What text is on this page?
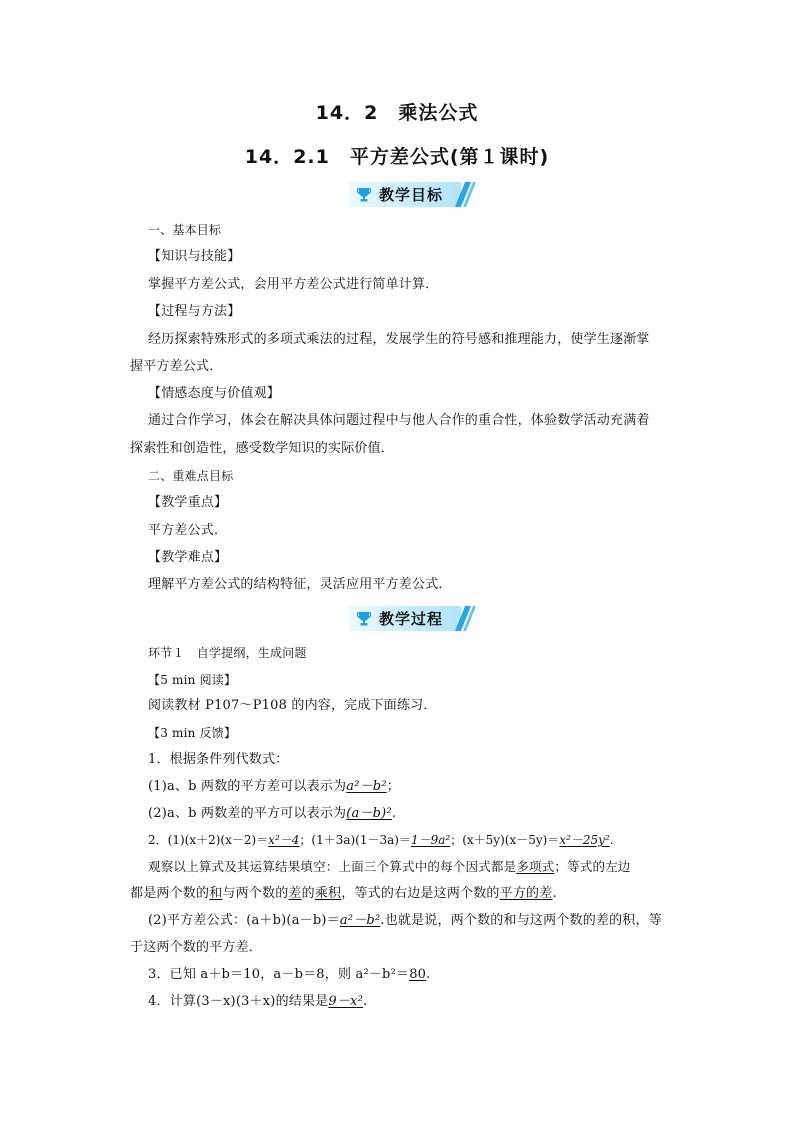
14．2　乘法公式
14．2.1　平方差公式(第１课时)
教学目标
一、基本目标
【知识与技能】
掌握平方差公式，会用平方差公式进行简单计算．
【过程与方法】
经历探索特殊形式的多项式乘法的过程，发展学生的符号感和推理能力，使学生逐渐掌
握平方差公式．
【情感态度与价值观】
通过合作学习，体会在解决具体问题过程中与他人合作的重合性，体验数学活动充满着
探索性和创造性，感受数学知识的实际价值．
二、重难点目标
【教学重点】
平方差公式．
【教学难点】
理解平方差公式的结构特征，灵活应用平方差公式．
教学过程
环节１　自学提纲，生成问题
【5 min 阅读】
阅读教材 P107～P108 的内容，完成下面练习．
【3 min 反馈】
1．根据条件列代数式：
(1)a、b 两数的平方差可以表示为a²－b²；
(2)a、b 两数差的平方可以表示为(a－b)².
2．(1)(x＋2)(x－2)＝x²－4；(1＋3a)(1－3a)＝1－9a²；(x＋5y)(x－5y)＝x²－25y².
观察以上算式及其运算结果填空：上面三个算式中的每个因式都是多项式；等式的左边
都是两个数的和与两个数的差的乘积，等式的右边是这两个数的平方的差.
(2)平方差公式：(a＋b)(a－b)＝a²－b².也就是说，两个数的和与这两个数的差的积，等
于这两个数的平方差．
3．已知 a＋b＝10，a－b＝8，则 a²－b²＝80.
4．计算(3－x)(3＋x)的结果是9－x².
